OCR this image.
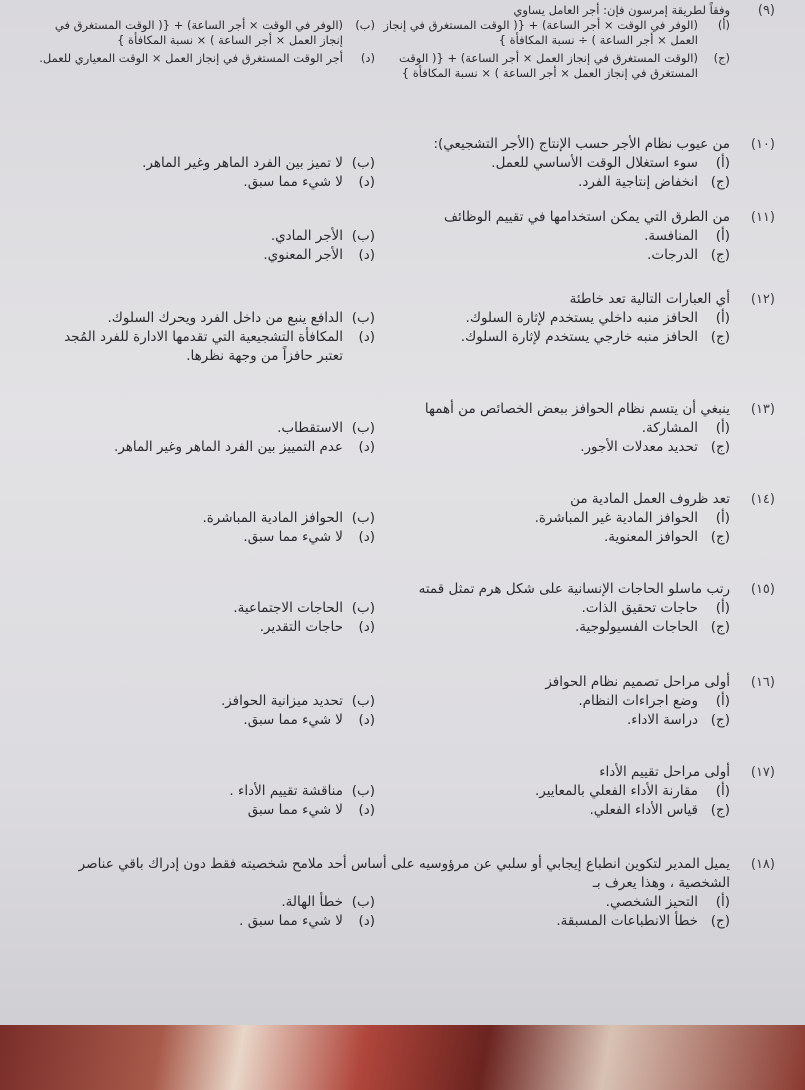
(٩)
وفقاً لطريقة إمرسون فإن: أجر العامل يساوي
(أ)
(الوفر في الوقت × أجر الساعة) + {( الوقت المستغرق في إنجاز العمل × أجر الساعة ) ÷ نسبة المكافأة }
(ب)
(الوفر في الوقت × أجر الساعة) + {( الوقت المستغرق في إنجاز العمل × أجر الساعة ) × نسبة المكافأة }
(ج)
(الوقت المستغرق في إنجاز العمل × أجر الساعة) + {( الوقت المستغرق في إنجاز العمل × أجر الساعة ) × نسبة المكافأة }
(د)
أجر الوقت المستغرق في إنجاز العمل × الوقت المعياري للعمل.
(١٠)
من عيوب نظام الأجر حسب الإنتاج (الأجر التشجيعي):
(أ)
سوء استغلال الوقت الأساسي للعمل.
(ب)
لا تميز بين الفرد الماهر وغير الماهر.
(ج)
انخفاض إنتاجية الفرد.
(د)
لا شيء مما سبق.
(١١)
من الطرق التي يمكن استخدامها في تقييم الوظائف
(أ)
المنافسة.
(ب)
الأجر المادي.
(ج)
الدرجات.
(د)
الأجر المعنوي.
(١٢)
أي العبارات التالية تعد خاطئة
(أ)
الحافز منبه داخلي يستخدم لإثارة السلوك.
(ب)
الدافع ينبع من داخل الفرد ويحرك السلوك.
(ج)
الحافز منبه خارجي يستخدم لإثارة السلوك.
(د)
المكافأة التشجيعية التي تقدمها الادارة للفرد المُجد تعتبر حافزاً من وجهة نظرها.
(١٣)
ينبغي أن يتسم نظام الحوافز ببعض الخصائص من أهمها
(أ)
المشاركة.
(ب)
الاستقطاب.
(ج)
تحديد معدلات الأجور.
(د)
عدم التمييز بين الفرد الماهر وغير الماهر.
(١٤)
تعد ظروف العمل المادية من
(أ)
الحوافز المادية غير المباشرة.
(ب)
الحوافز المادية المباشرة.
(ج)
الحوافز المعنوية.
(د)
لا شيء مما سبق.
(١٥)
رتب ماسلو الحاجات الإنسانية على شكل هرم تمثل قمته
(أ)
حاجات تحقيق الذات.
(ب)
الحاجات الاجتماعية.
(ج)
الحاجات الفسيولوجية.
(د)
حاجات التقدير.
(١٦)
أولى مراحل تصميم نظام الحوافز
(أ)
وضع اجراءات النظام.
(ب)
تحديد ميزانية الحوافز.
(ج)
دراسة الاداء.
(د)
لا شيء مما سبق.
(١٧)
أولى مراحل تقييم الأداء
(أ)
مقارنة الأداء الفعلي بالمعايير.
(ب)
مناقشة تقييم الأداء .
(ج)
قياس الأداء الفعلي.
(د)
لا شيء مما سبق
(١٨)
يميل المدير لتكوين انطباع إيجابي أو سلبي عن مرؤوسيه على أساس أحد ملامح شخصيته فقط دون إدراك باقي عناصر الشخصية ، وهذا يعرف بـ
(أ)
التحيز الشخصي.
(ب)
خطأ الهالة.
(ج)
خطأ الانطباعات المسبقة.
(د)
لا شيء مما سبق .
